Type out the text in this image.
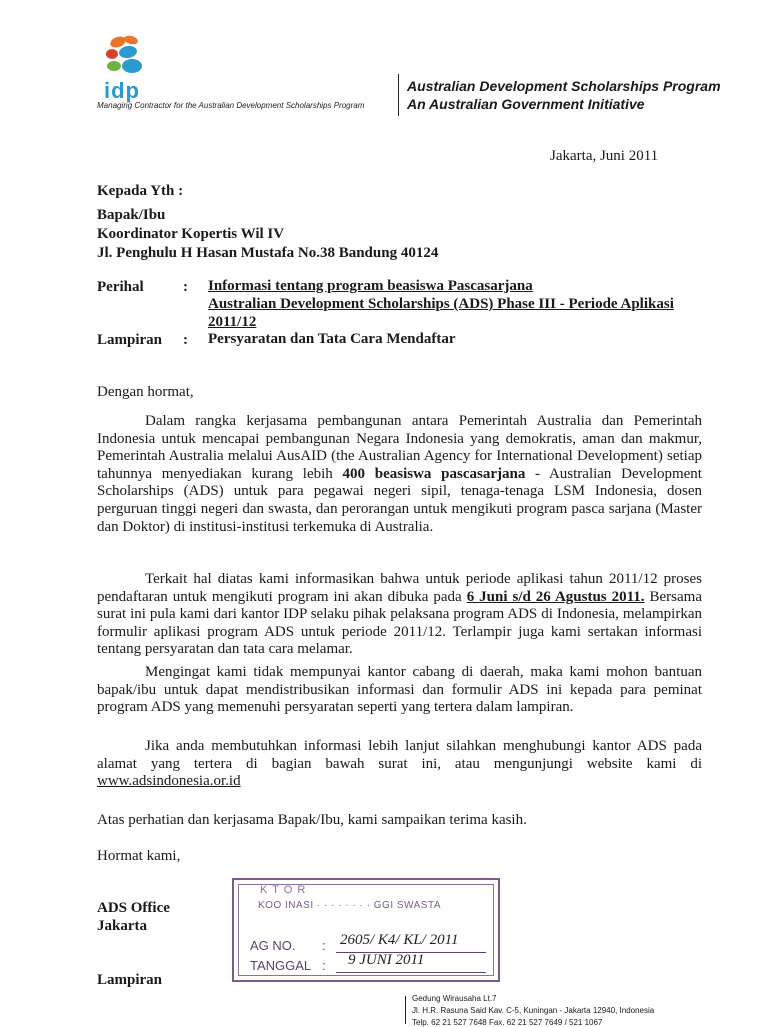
idp
Managing Contractor for the Australian Development Scholarships Program
Australian Development Scholarships Program
An Australian Government Initiative
Jakarta, Juni 2011
Kepada Yth :
Bapak/Ibu
Koordinator Kopertis Wil IV
Jl. Penghulu H Hasan Mustafa No.38 Bandung 40124
Perihal	: Informasi tentang program beasiswa Pascasarjana
Australian Development Scholarships (ADS) Phase III - Periode Aplikasi
2011/12
Lampiran : Persyaratan dan Tata Cara Mendaftar
Dengan hormat,
Dalam rangka kerjasama pembangunan antara Pemerintah Australia dan Pemerintah Indonesia untuk mencapai pembangunan Negara Indonesia yang demokratis, aman dan makmur, Pemerintah Australia melalui AusAID (the Australian Agency for International Development) setiap tahunnya menyediakan kurang lebih 400 beasiswa pascasarjana - Australian Development Scholarships (ADS) untuk para pegawai negeri sipil, tenaga-tenaga LSM Indonesia, dosen perguruan tinggi negeri dan swasta, dan perorangan untuk mengikuti program pasca sarjana (Master dan Doktor) di institusi-institusi terkemuka di Australia.
Terkait hal diatas kami informasikan bahwa untuk periode aplikasi tahun 2011/12 proses pendaftaran untuk mengikuti program ini akan dibuka pada 6 Juni s/d 26 Agustus 2011. Bersama surat ini pula kami dari kantor IDP selaku pihak pelaksana program ADS di Indonesia, melampirkan formulir aplikasi program ADS untuk periode 2011/12. Terlampir juga kami sertakan informasi tentang persyaratan dan tata cara melamar.
Mengingat kami tidak mempunyai kantor cabang di daerah, maka kami mohon bantuan bapak/ibu untuk dapat mendistribusikan informasi dan formulir ADS ini kepada para peminat program ADS yang memenuhi persyaratan seperti yang tertera dalam lampiran.
Jika anda membutuhkan informasi lebih lanjut silahkan menghubungi kantor ADS pada alamat yang tertera di bagian bawah surat ini, atau mengunjungi website kami di www.adsindonesia.or.id
Atas perhatian dan kerjasama Bapak/Ibu, kami sampaikan terima kasih.
Hormat kami,
ADS Office
Jakarta
Lampiran
K T O R
KOO INASI · · · · · · · · GGI SWASTA
AG NO. : 2605/ K4/ KL/ 2011
TANGGAL : 9 JUNI 2011
Gedung Wirausaha Lt.7
Jl. H.R. Rasuna Said Kav. C-5, Kuningan - Jakarta 12940, Indonesia
Telp. 62 21 527 7648 Fax. 62 21 527 7649 / 521 1067
